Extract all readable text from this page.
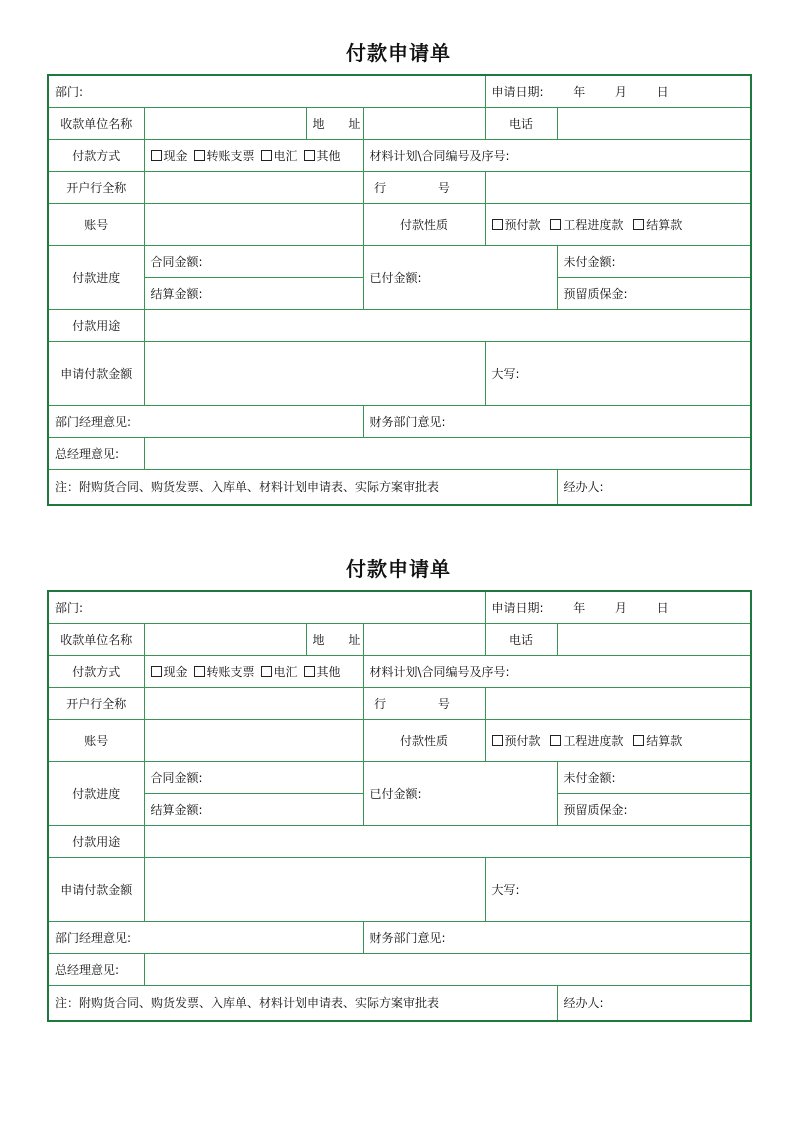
付款申请单
部门:				申请日期: 年 月 日	
收款单位名称		地 址		电话	
付款方式	现金 转账支票 电汇 其他		材料计划\合同编号及序号:		
开户行全称			行 号		
账号			付款性质	预付款 工程进度款 结算款	
付款进度	合同金额:		已付金额:		未付金额:
	结算金额:				预留质保金:
付款用途					
申请付款金额				大写:	
部门经理意见:			财务部门意见:		
总经理意见:					
注：附购货合同、购货发票、入库单、材料计划申请表、实际方案审批表					经办人:
付款申请单
部门:				申请日期: 年 月 日	
收款单位名称		地 址		电话	
付款方式	现金 转账支票 电汇 其他		材料计划\合同编号及序号:		
开户行全称			行 号		
账号			付款性质	预付款 工程进度款 结算款	
付款进度	合同金额:		已付金额:		未付金额:
	结算金额:				预留质保金:
付款用途					
申请付款金额				大写:	
部门经理意见:			财务部门意见:		
总经理意见:					
注：附购货合同、购货发票、入库单、材料计划申请表、实际方案审批表					经办人:
